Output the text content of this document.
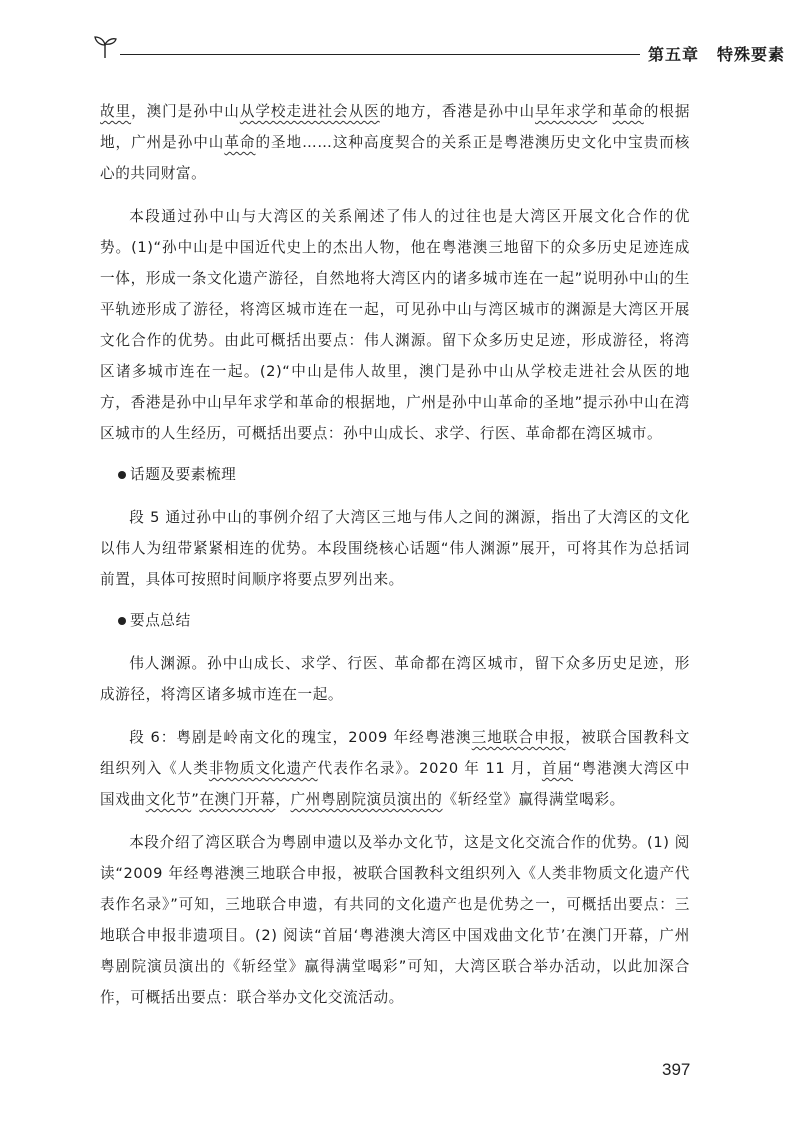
第五章 特殊要素

故里，澳门是孙中山从学校走进社会从医的地方，香港是孙中山早年求学和革命的根据地，广州是孙中山革命的圣地……这种高度契合的关系正是粤港澳历史文化中宝贵而核心的共同财富。

本段通过孙中山与大湾区的关系阐述了伟人的过往也是大湾区开展文化合作的优势。(1)“孙中山是中国近代史上的杰出人物，他在粤港澳三地留下的众多历史足迹连成一体，形成一条文化遗产游径，自然地将大湾区内的诸多城市连在一起”说明孙中山的生平轨迹形成了游径，将湾区城市连在一起，可见孙中山与湾区城市的渊源是大湾区开展文化合作的优势。由此可概括出要点：伟人渊源。留下众多历史足迹，形成游径，将湾区诸多城市连在一起。(2)“中山是伟人故里，澳门是孙中山从学校走进社会从医的地方，香港是孙中山早年求学和革命的根据地，广州是孙中山革命的圣地”提示孙中山在湾区城市的人生经历，可概括出要点：孙中山成长、求学、行医、革命都在湾区城市。

话题及要素梳理

段 5 通过孙中山的事例介绍了大湾区三地与伟人之间的渊源，指出了大湾区的文化以伟人为纽带紧紧相连的优势。本段围绕核心话题“伟人渊源”展开，可将其作为总括词前置，具体可按照时间顺序将要点罗列出来。

要点总结

伟人渊源。孙中山成长、求学、行医、革命都在湾区城市，留下众多历史足迹，形成游径，将湾区诸多城市连在一起。

段 6：粤剧是岭南文化的瑰宝，2009 年经粤港澳三地联合申报，被联合国教科文组织列入《人类非物质文化遗产代表作名录》。2020 年 11 月，首届“粤港澳大湾区中国戏曲文化节”在澳门开幕，广州粤剧院演员演出的《斩经堂》赢得满堂喝彩。

本段介绍了湾区联合为粤剧申遗以及举办文化节，这是文化交流合作的优势。(1) 阅读“2009 年经粤港澳三地联合申报，被联合国教科文组织列入《人类非物质文化遗产代表作名录》”可知，三地联合申遗，有共同的文化遗产也是优势之一，可概括出要点：三地联合申报非遗项目。(2) 阅读“首届‘粤港澳大湾区中国戏曲文化节’在澳门开幕，广州粤剧院演员演出的《斩经堂》赢得满堂喝彩”可知，大湾区联合举办活动，以此加深合作，可概括出要点：联合举办文化交流活动。

397
